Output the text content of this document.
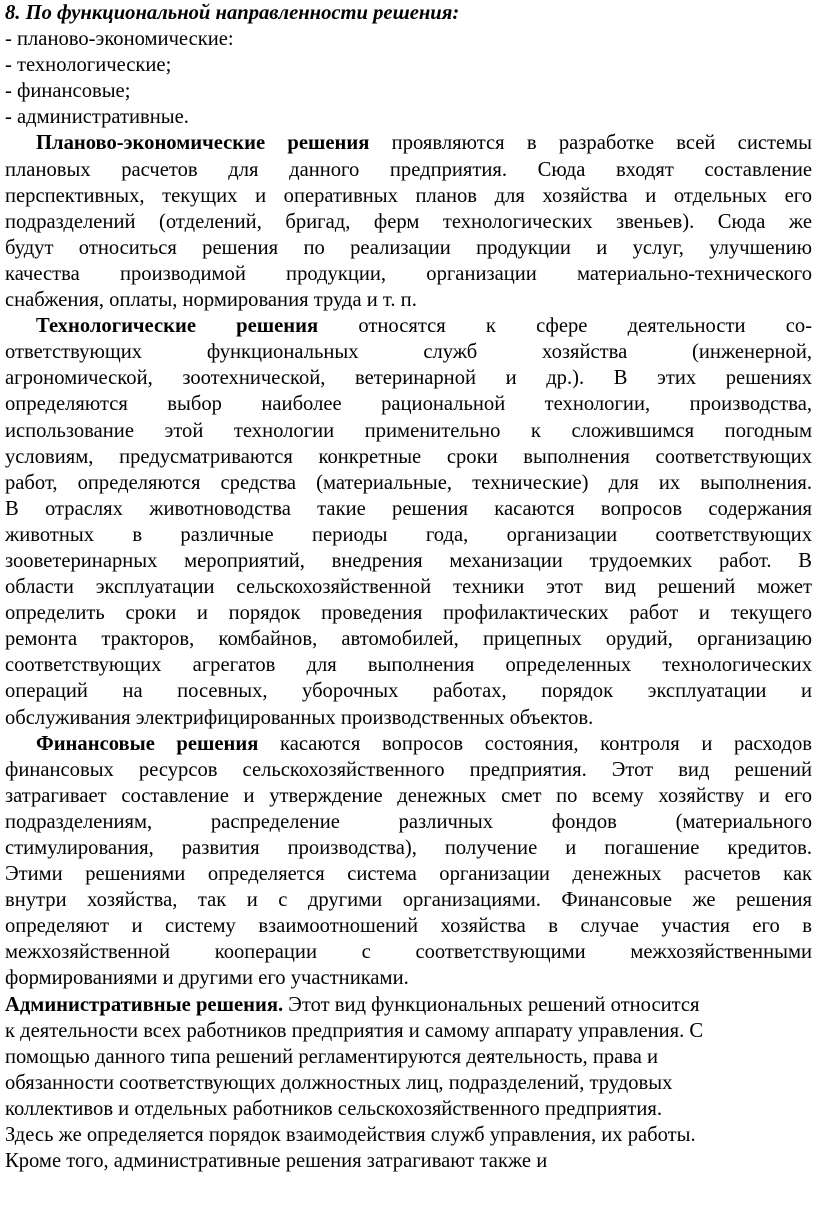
8. По функциональной направленности решения:
- планово-экономические:
- технологические;
- финансовые;
- административные.
Планово-экономические решения проявляются в разработке всей системы
плановых расчетов для данного предприятия. Сюда входят составление
перспективных, текущих и оперативных планов для хозяйства и отдельных его
подразделений (отделений, бригад, ферм технологических звеньев). Сюда же
будут относиться решения по реализации продукции и услуг, улучшению
качества производимой продукции, организации материально-технического
снабжения, оплаты, нормирования труда и т. п.
Технологические решения относятся к сфере деятельности со-
ответствующих функциональных служб хозяйства (инженерной,
агрономической, зоотехнической, ветеринарной и др.). В этих решениях
определяются выбор наиболее рациональной технологии, производства,
использование этой технологии применительно к сложившимся погодным
условиям, предусматриваются конкретные сроки выполнения соответствующих
работ, определяются средства (материальные, технические) для их выполнения.
В отраслях животноводства такие решения касаются вопросов содержания
животных в различные периоды года, организации соответствующих
зооветеринарных мероприятий, внедрения механизации трудоемких работ. В
области эксплуатации сельскохозяйственной техники этот вид решений может
определить сроки и порядок проведения профилактических работ и текущего
ремонта тракторов, комбайнов, автомобилей, прицепных орудий, организацию
соответствующих агрегатов для выполнения определенных технологических
операций на посевных, уборочных работах, порядок эксплуатации и
обслуживания электрифицированных производственных объектов.
Финансовые решения касаются вопросов состояния, контроля и расходов
финансовых ресурсов сельскохозяйственного предприятия. Этот вид решений
затрагивает составление и утверждение денежных смет по всему хозяйству и его
подразделениям, распределение различных фондов (материального
стимулирования, развития производства), получение и погашение кредитов.
Этими решениями определяется система организации денежных расчетов как
внутри хозяйства, так и с другими организациями. Финансовые же решения
определяют и систему взаимоотношений хозяйства в случае участия его в
межхозяйственной кооперации с соответствующими межхозяйственными
формированиями и другими его участниками.
Административные решения. Этот вид функциональных решений относится
к деятельности всех работников предприятия и самому аппарату управления. С
помощью данного типа решений регламентируются деятельность, права и
обязанности соответствующих должностных лиц, подразделений, трудовых
коллективов и отдельных работников сельскохозяйственного предприятия.
Здесь же определяется порядок взаимодействия служб управления, их работы.
Кроме того, административные решения затрагивают также и
